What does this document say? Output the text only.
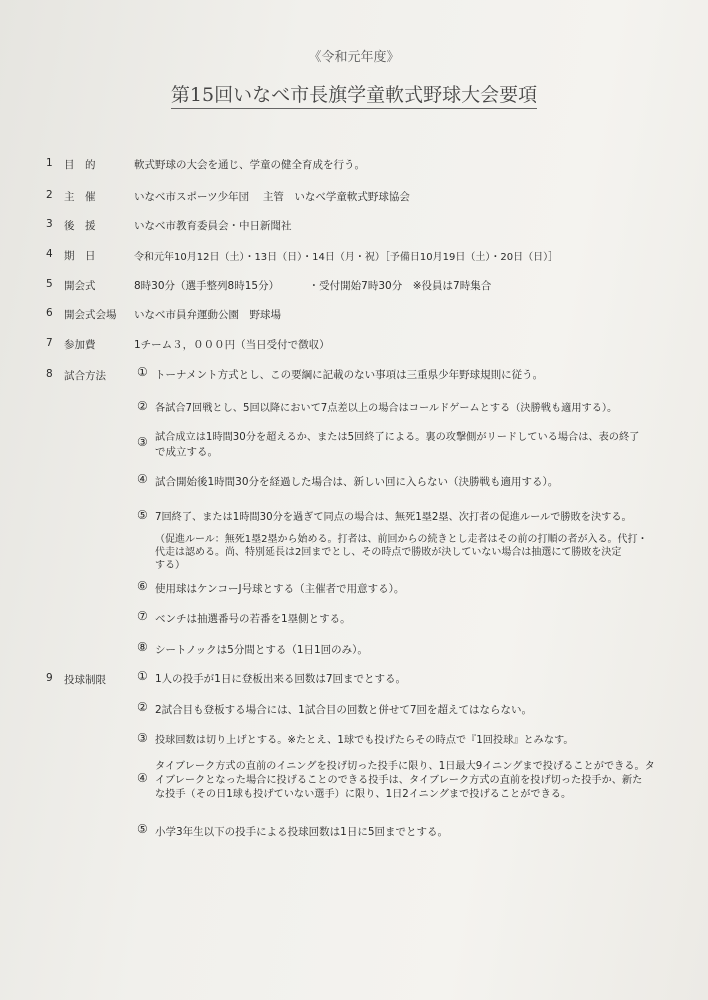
《令和元年度》
第15回いなべ市長旗学童軟式野球大会要項
1 目　的	軟式野球の大会を通じ、学童の健全育成を行う。
2 主　催	いなべ市スポーツ少年団　 主管　いなべ学童軟式野球協会
3 後　援	いなべ市教育委員会・中日新聞社
4 期　日	令和元年10月12日（土）・13日（日）・14日（月・祝）［予備日10月19日（土）・20日（日）］
5 開会式	8時30分（選手整列8時15分）　　　 ・受付開始7時30分　※役員は7時集合
6 開会式会場 いなべ市員弁運動公園　野球場
7 参加費	1チーム３，０００円（当日受付で徴収）
8 試合方法	① トーナメント方式とし、この要綱に記載のない事項は三重県少年野球規則に従う。
② 各試合7回戦とし、5回以降において7点差以上の場合はコールドゲームとする（決勝戦も適用する）。
③ 試合成立は1時間30分を超えるか、または5回終了による。裏の攻撃側がリードしている場合は、表の終了
で成立する。
④ 試合開始後1時間30分を経過した場合は、新しい回に入らない（決勝戦も適用する）。
⑤ 7回終了、または1時間30分を過ぎて同点の場合は、無死1塁2塁、次打者の促進ルールで勝敗を決する。
（促進ルール：無死1塁2塁から始める。打者は、前回からの続きとし走者はその前の打順の者が入る。代打・
代走は認める。尚、特別延長は2回までとし、その時点で勝敗が決していない場合は抽選にて勝敗を決定
する）
⑥ 使用球はケンコーJ号球とする（主催者で用意する）。
⑦ ベンチは抽選番号の若番を1塁側とする。
⑧ シートノックは5分間とする（1日1回のみ）。
9 投球制限	① 1人の投手が1日に登板出来る回数は7回までとする。
② 2試合目も登板する場合には、1試合目の回数と併せて7回を超えてはならない。
③ 投球回数は切り上げとする。※たとえ、1球でも投げたらその時点で『1回投球』とみなす。
④
タイブレーク方式の直前のイニングを投げ切った投手に限り、1日最大9イニングまで投げることができる。タ
イブレークとなった場合に投げることのできる投手は、タイブレーク方式の直前を投げ切った投手か、新た
な投手（その日1球も投げていない選手）に限り、1日2イニングまで投げることができる。
⑤ 小学3年生以下の投手による投球回数は1日に5回までとする。
